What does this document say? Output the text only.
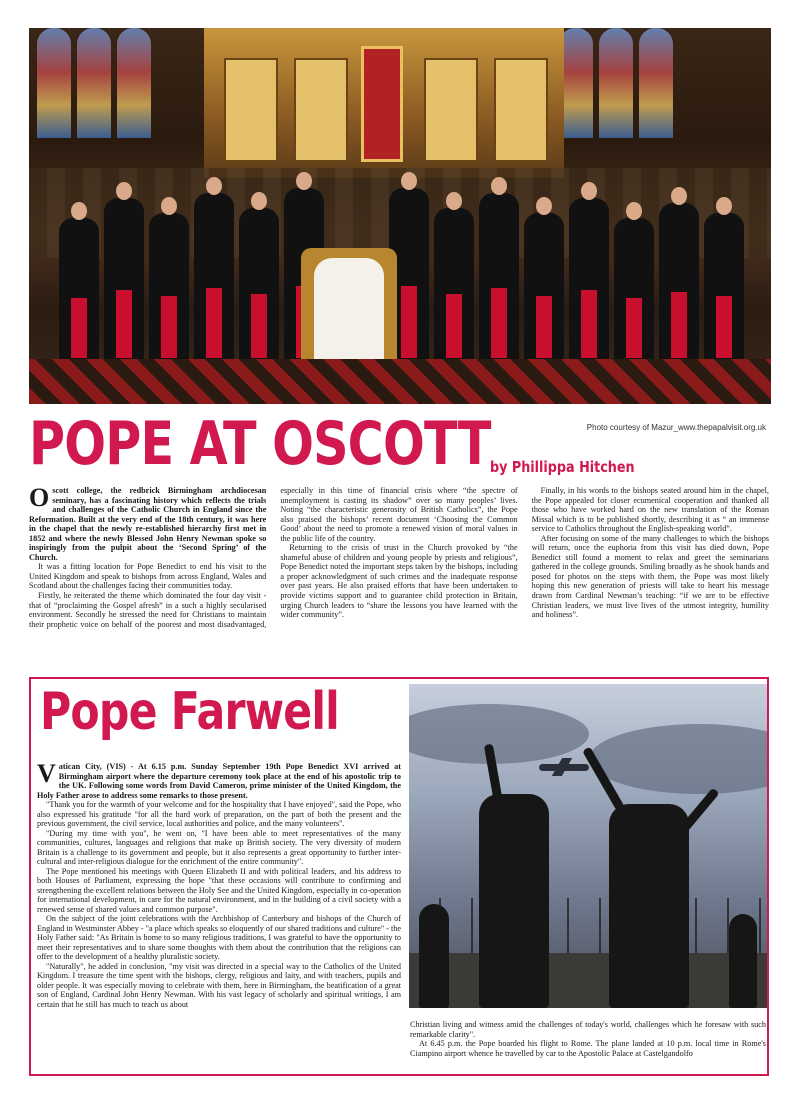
Photo courtesy of Mazur_www.thepapalvisit.org.uk
POPE AT OSCOTT by Phillippa Hitchen

Oscott college, the redbrick Birmingham archdiocesan seminary, has a fascinating history which reflects the trials and challenges of the Catholic Church in England since the Reformation. Built at the very end of the 18th century, it was here in the chapel that the newly re-established hierarchy first met in 1852 and where the newly Blessed John Henry Newman spoke so inspiringly from the pulpit about the ‘Second Spring’ of the Church.

It was a fitting location for Pope Benedict to end his visit to the United Kingdom and speak to bishops from across England, Wales and Scotland about the challenges facing their communities today.

Firstly, he reiterated the theme which dominated the four day visit - that of “proclaiming the Gospel afresh” in a such a highly secularised environment. Secondly he stressed the need for Christians to maintain their prophetic voice on behalf of the poorest and most disadvantaged, especially in this time of financial crisis where “the spectre of unemployment is casting its shadow” over so many peoples’ lives. Noting “the characteristic generosity of British Catholics”, the Pope also praised the bishops’ recent document ‘Choosing the Common Good’ about the need to promote a renewed vision of moral values in the public life of the country.

Returning to the crisis of trust in the Church provoked by “the shameful abuse of children and young people by priests and religious”, Pope Benedict noted the important steps taken by the bishops, including a proper acknowledgment of such crimes and the inadequate response over past years. He also praised efforts that have been undertaken to provide victims support and to guarantee child protection in Britain, urging Church leaders to “share the lessons you have learned with the wider community”.

Finally, in his words to the bishops seated around him in the chapel, the Pope appealed for closer ecumenical cooperation and thanked all those who have worked hard on the new translation of the Roman Missal which is to be published shortly, describing it as “ an immense service to Catholics throughout the English-speaking world”.

After focusing on some of the many challenges to which the bishops will return, once the euphoria from this visit has died down, Pope Benedict still found a moment to relax and greet the seminarians gathered in the college grounds. Smiling broadly as he shook hands and posed for photos on the steps with them, the Pope was most likely hoping this new generation of priests will take to heart his message drawn from Cardinal Newman’s teaching: “if we are to be effective Christian leaders, we must live lives of the utmost integrity, humility and holiness”.

Pope Farwell

Vatican City, (VIS) - At 6.15 p.m. Sunday September 19th Pope Benedict XVI arrived at Birmingham airport where the departure ceremony took place at the end of his apostolic trip to the UK. Following some words from David Cameron, prime minister of the United Kingdom, the Holy Father arose to address some remarks to those present.

"Thank you for the warmth of your welcome and for the hospitality that I have enjoyed", said the Pope, who also expressed his gratitude "for all the hard work of preparation, on the part of both the present and the previous government, the civil service, local authorities and police, and the many volunteers".

"During my time with you", he went on, "I have been able to meet representatives of the many communities, cultures, languages and religions that make up British society. The very diversity of modern Britain is a challenge to its government and people, but it also represents a great opportunity to further inter-cultural and inter-religious dialogue for the enrichment of the entire community".

The Pope mentioned his meetings with Queen Elizabeth II and with political leaders, and his address to both Houses of Parliament, expressing the hope "that these occasions will contribute to confirming and strengthening the excellent relations between the Holy See and the United Kingdom, especially in co-operation for international development, in care for the natural environment, and in the building of a civil society with a renewed sense of shared values and common purpose".

On the subject of the joint celebrations with the Archbishop of Canterbury and bishops of the Church of England in Westminster Abbey - "a place which speaks so eloquently of our shared traditions and culture" - the Holy Father said: "As Britain is home to so many religious traditions, I was grateful to have the opportunity to meet their representatives and to share some thoughts with them about the contribution that the religions can offer to the development of a healthy pluralistic society.

"Naturally", he added in conclusion, "my visit was directed in a special way to the Catholics of the United Kingdom. I treasure the time spent with the bishops, clergy, religious and laity, and with teachers, pupils and older people. It was especially moving to celebrate with them, here in Birmingham, the beatification of a great son of England, Cardinal John Henry Newman. With his vast legacy of scholarly and spiritual writings, I am certain that he still has much to teach us about

Christian living and witness amid the challenges of today's world, challenges which he foresaw with such remarkable clarity".

At 6.45 p.m. the Pope boarded his flight to Rome. The plane landed at 10 p.m. local time in Rome's Ciampino airport whence he travelled by car to the Apostolic Palace at Castelgandolfo
